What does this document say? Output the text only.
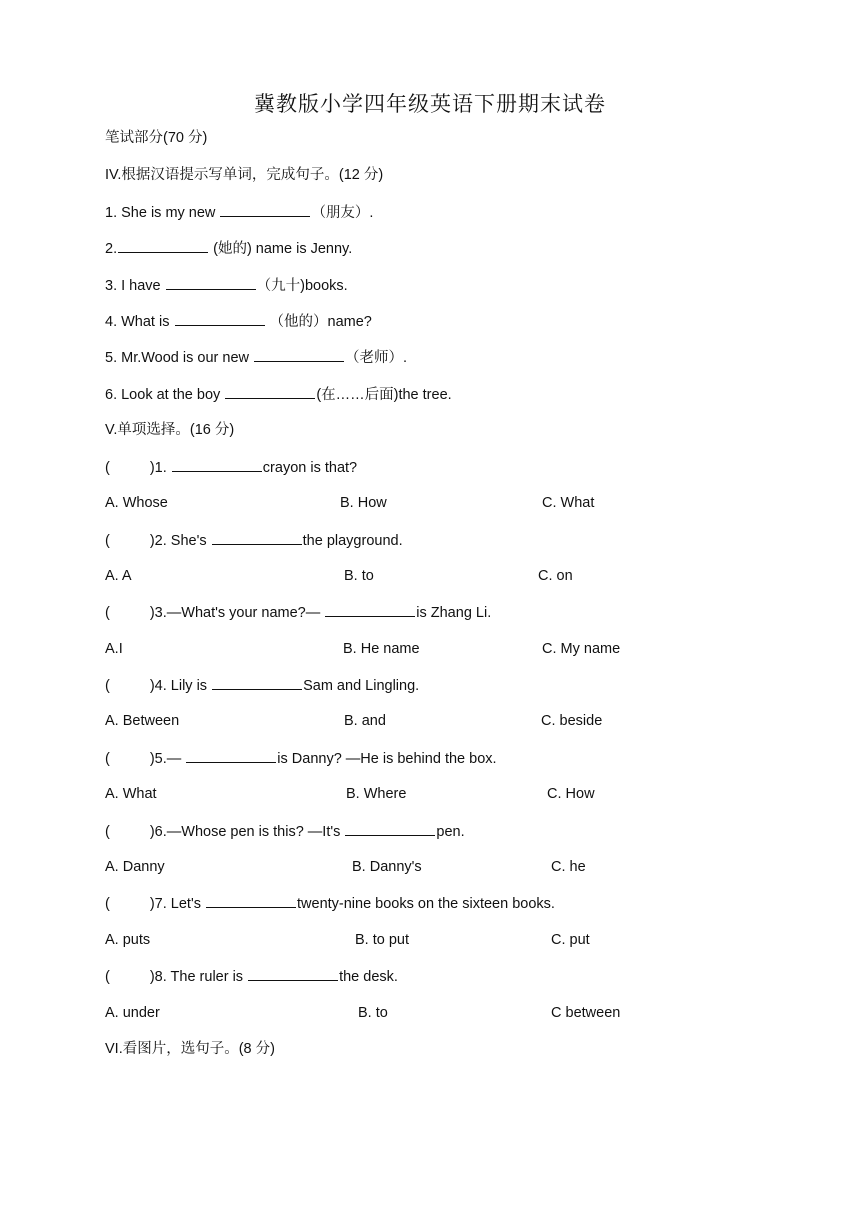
冀教版小学四年级英语下册期末试卷
笔试部分(70 分)
IV.根据汉语提示写单词，完成句子。(12 分)
1. She is my new	（朋友）.
2.	(她的) name is Jenny.
3. I have	（九十)books.
4. What is	（他的）name?
5. Mr.Wood is our new	（老师）.
6. Look at the boy	(在……后面)the tree.
V.单项选择。(16 分)
(	)1.	crayon is that?
A. Whose	B. How	C. What
(	)2. She's	the playground.
A. A	B. to	C. on
(	)3.—What's your name?—	is Zhang Li.
A.I	B. He name	C. My name
(	)4. Lily is	Sam and Lingling.
A. Between	B. and	C. beside
(	)5.—	is Danny? —He is behind the box.
A. What	B. Where	C. How
(	)6.—Whose pen is this? —It's	pen.
A. Danny	B. Danny's	C. he
(	)7. Let's	twenty-nine books on the sixteen books.
A. puts	B. to put	C. put
(	)8. The ruler is	the desk.
A. under	B. to	C between
VI.看图片，选句子。(8 分)
